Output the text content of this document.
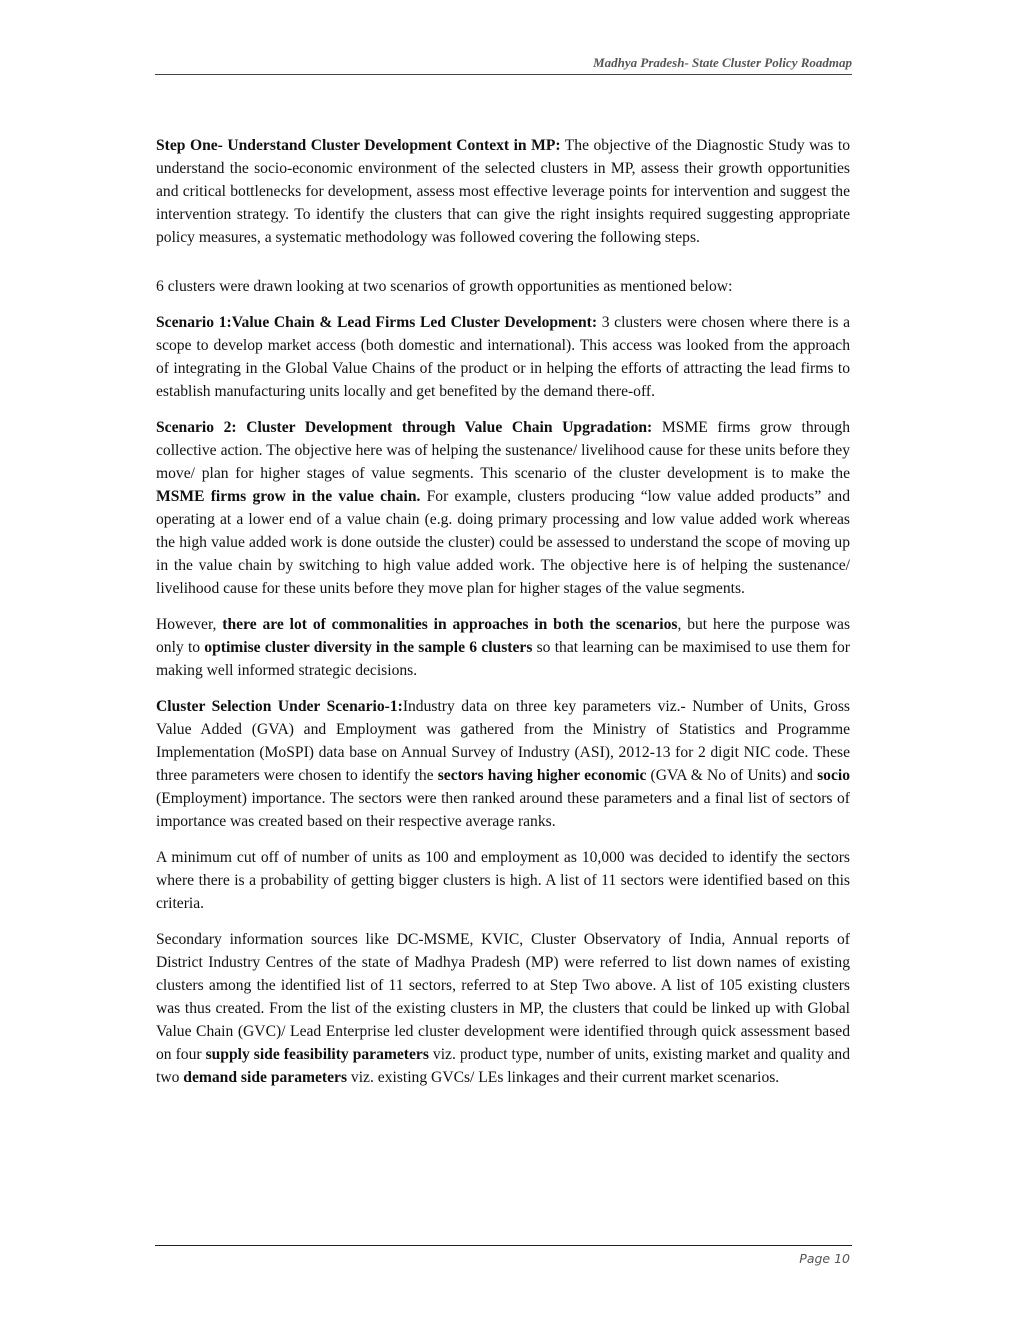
Madhya Pradesh- State Cluster Policy Roadmap

Step One- Understand Cluster Development Context in MP: The objective of the Diagnostic Study was to understand the socio-economic environment of the selected clusters in MP, assess their growth opportunities and critical bottlenecks for development, assess most effective leverage points for intervention and suggest the intervention strategy. To identify the clusters that can give the right insights required suggesting appropriate policy measures, a systematic methodology was followed covering the following steps.

6 clusters were drawn looking at two scenarios of growth opportunities as mentioned below:

Scenario 1:Value Chain & Lead Firms Led Cluster Development: 3 clusters were chosen where there is a scope to develop market access (both domestic and international). This access was looked from the approach of integrating in the Global Value Chains of the product or in helping the efforts of attracting the lead firms to establish manufacturing units locally and get benefited by the demand there-off.

Scenario 2: Cluster Development through Value Chain Upgradation: MSME firms grow through collective action. The objective here was of helping the sustenance/ livelihood cause for these units before they move/ plan for higher stages of value segments. This scenario of the cluster development is to make the MSME firms grow in the value chain. For example, clusters producing “low value added products” and operating at a lower end of a value chain (e.g. doing primary processing and low value added work whereas the high value added work is done outside the cluster) could be assessed to understand the scope of moving up in the value chain by switching to high value added work. The objective here is of helping the sustenance/ livelihood cause for these units before they move plan for higher stages of the value segments.

However, there are lot of commonalities in approaches in both the scenarios, but here the purpose was only to optimise cluster diversity in the sample 6 clusters so that learning can be maximised to use them for making well informed strategic decisions.

Cluster Selection Under Scenario-1:Industry data on three key parameters viz.- Number of Units, Gross Value Added (GVA) and Employment was gathered from the Ministry of Statistics and Programme Implementation (MoSPI) data base on Annual Survey of Industry (ASI), 2012-13 for 2 digit NIC code. These three parameters were chosen to identify the sectors having higher economic (GVA & No of Units) and socio (Employment) importance. The sectors were then ranked around these parameters and a final list of sectors of importance was created based on their respective average ranks.

A minimum cut off of number of units as 100 and employment as 10,000 was decided to identify the sectors where there is a probability of getting bigger clusters is high. A list of 11 sectors were identified based on this criteria.

Secondary information sources like DC-MSME, KVIC, Cluster Observatory of India, Annual reports of District Industry Centres of the state of Madhya Pradesh (MP) were referred to list down names of existing clusters among the identified list of 11 sectors, referred to at Step Two above. A list of 105 existing clusters was thus created. From the list of the existing clusters in MP, the clusters that could be linked up with Global Value Chain (GVC)/ Lead Enterprise led cluster development were identified through quick assessment based on four supply side feasibility parameters viz. product type, number of units, existing market and quality and two demand side parameters viz. existing GVCs/ LEs linkages and their current market scenarios.

Page 10
